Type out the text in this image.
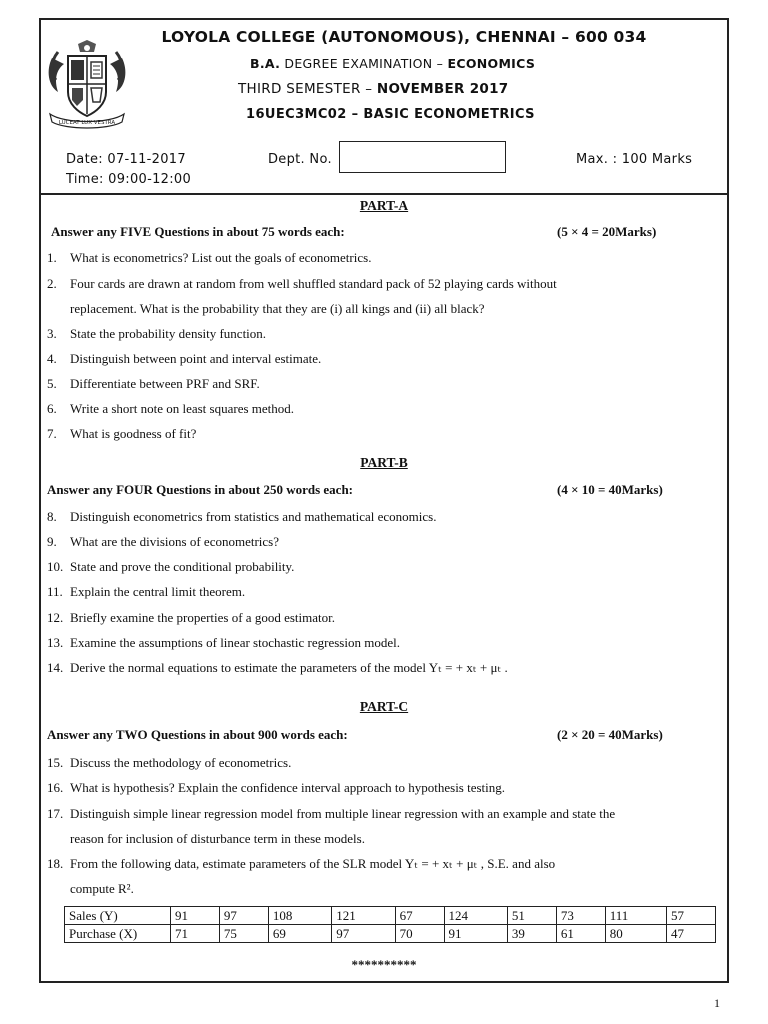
LUCEAT LUX VESTRA
LOYOLA COLLEGE (AUTONOMOUS), CHENNAI – 600 034
B.A. DEGREE EXAMINATION – ECONOMICS
THIRD SEMESTER – NOVEMBER 2017
16UEC3MC02 – BASIC ECONOMETRICS
Date: 07-11-2017
Time: 09:00-12:00
Dept. No.	Max. : 100 Marks
PART-A
Answer any FIVE Questions in about 75 words each:	(5 × 4 = 20Marks)
1. What is econometrics? List out the goals of econometrics.
2. Four cards are drawn at random from well shuffled standard pack of 52 playing cards without
replacement. What is the probability that they are (i) all kings and (ii) all black?
3. State the probability density function.
4. Distinguish between point and interval estimate.
5. Differentiate between PRF and SRF.
6. Write a short note on least squares method.
7. What is goodness of fit?
PART-B
Answer any FOUR Questions in about 250 words each:	(4 × 10 = 40Marks)
8. Distinguish econometrics from statistics and mathematical economics.
9. What are the divisions of econometrics?
10. State and prove the conditional probability.
11. Explain the central limit theorem.
12. Briefly examine the properties of a good estimator.
13. Examine the assumptions of linear stochastic regression model.
14. Derive the normal equations to estimate the parameters of the model Yₜ = + xₜ + μₜ .
PART-C
Answer any TWO Questions in about 900 words each:	(2 × 20 = 40Marks)
15. Discuss the methodology of econometrics.
16. What is hypothesis? Explain the confidence interval approach to hypothesis testing.
17. Distinguish simple linear regression model from multiple linear regression with an example and state the
reason for inclusion of disturbance term in these models.
18. From the following data, estimate parameters of the SLR model Yₜ = + xₜ + μₜ , S.E. and also
compute R².
Sales (Y)	91	97	108	121	67	124	51	73	111	57
Purchase (X)	71	75	69	97	70	91	39	61	80	47
**********
1
